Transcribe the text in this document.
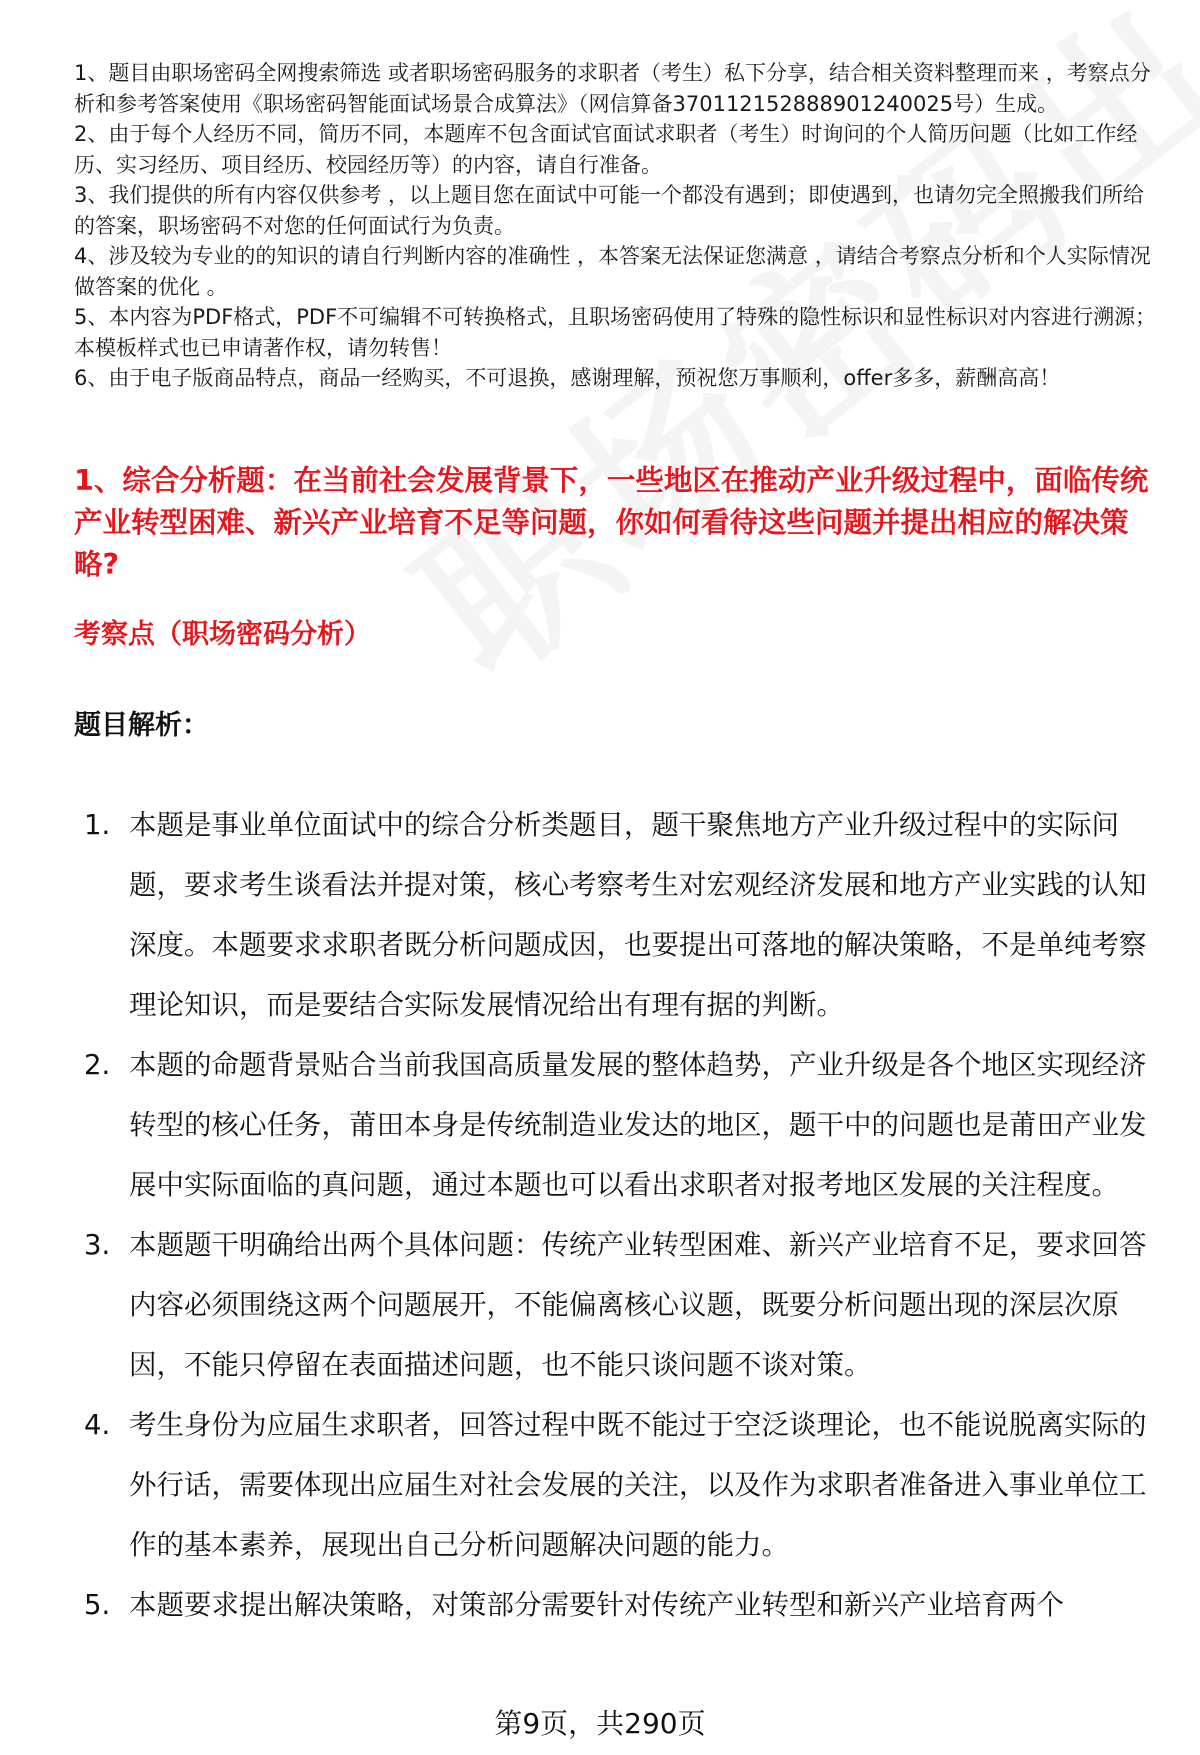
1、题目由职场密码全网搜索筛选 或者职场密码服务的求职者（考生）私下分享，结合相关资料整理而来 ，考察点分析和参考答案使用《职场密码智能面试场景合成算法》（网信算备370112152888901240025号）生成。
2、由于每个人经历不同，简历不同，本题库不包含面试官面试求职者（考生）时询问的个人简历问题（比如工作经历、实习经历、项目经历、校园经历等）的内容，请自行准备。
3、我们提供的所有内容仅供参考 ，以上题目您在面试中可能一个都没有遇到；即使遇到，也请勿完全照搬我们所给的答案，职场密码不对您的任何面试行为负责。
4、涉及较为专业的的知识的请自行判断内容的准确性 ，本答案无法保证您满意 ，请结合考察点分析和个人实际情况做答案的优化 。
5、本内容为PDF格式，PDF不可编辑不可转换格式，且职场密码使用了特殊的隐性标识和显性标识对内容进行溯源；本模板样式也已申请著作权，请勿转售！
6、由于电子版商品特点，商品一经购买，不可退换，感谢理解，预祝您万事顺利，offer多多，薪酬高高！
1、综合分析题：在当前社会发展背景下，一些地区在推动产业升级过程中，面临传统产业转型困难、新兴产业培育不足等问题，你如何看待这些问题并提出相应的解决策略?
考察点（职场密码分析）
题目解析：
1. 本题是事业单位面试中的综合分析类题目，题干聚焦地方产业升级过程中的实际问题，要求考生谈看法并提对策，核心考察考生对宏观经济发展和地方产业实践的认知深度。本题要求求职者既分析问题成因，也要提出可落地的解决策略，不是单纯考察理论知识，而是要结合实际发展情况给出有理有据的判断。
2. 本题的命题背景贴合当前我国高质量发展的整体趋势，产业升级是各个地区实现经济转型的核心任务，莆田本身是传统制造业发达的地区，题干中的问题也是莆田产业发展中实际面临的真问题，通过本题也可以看出求职者对报考地区发展的关注程度。
3. 本题题干明确给出两个具体问题：传统产业转型困难、新兴产业培育不足，要求回答内容必须围绕这两个问题展开，不能偏离核心议题，既要分析问题出现的深层次原因，不能只停留在表面描述问题，也不能只谈问题不谈对策。
4. 考生身份为应届生求职者，回答过程中既不能过于空泛谈理论，也不能说脱离实际的外行话，需要体现出应届生对社会发展的关注，以及作为求职者准备进入事业单位工作的基本素养，展现出自己分析问题解决问题的能力。
5. 本题要求提出解决策略，对策部分需要针对传统产业转型和新兴产业培育两个
第9页，共290页
